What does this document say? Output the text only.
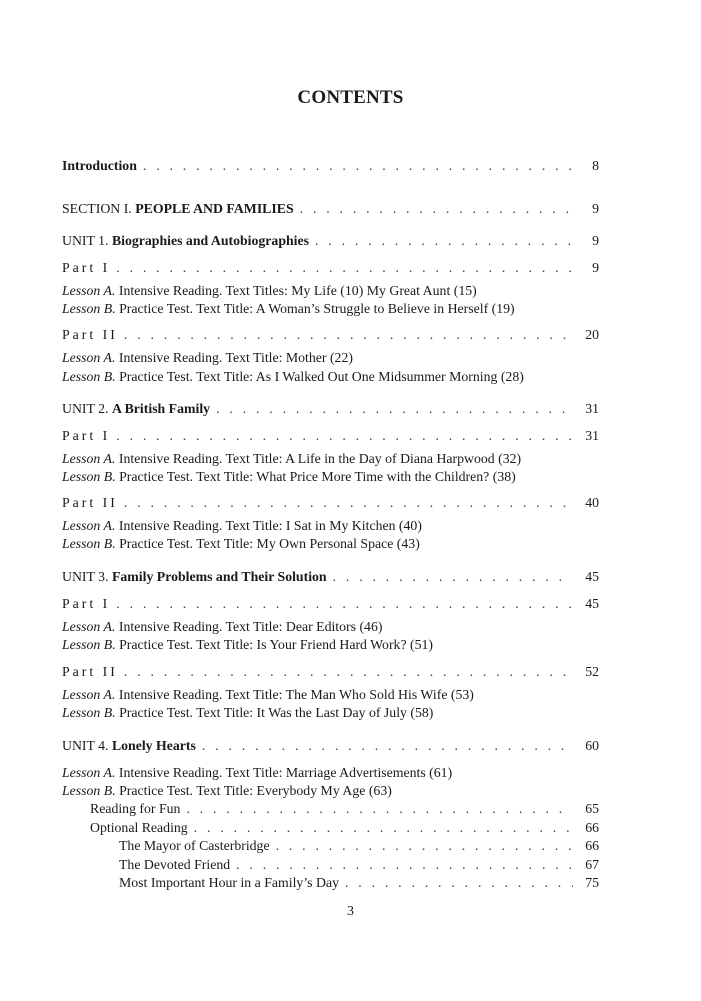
CONTENTS
Introduction . . .	8
SECTION I. PEOPLE AND FAMILIES . . .	9
UNIT 1. Biographies and Autobiographies . . .	9
Part I . . .	9
Lesson A. Intensive Reading. Text Titles: My Life (10) My Great Aunt (15)
Lesson B. Practice Test. Text Title: A Woman’s Struggle to Believe in Herself (19)
Part II . . .	20
Lesson A. Intensive Reading. Text Title: Mother (22)
Lesson B. Practice Test. Text Title: As I Walked Out One Midsummer Morning (28)
UNIT 2. A British Family . . .	31
Part I . . .	31
Lesson A. Intensive Reading. Text Title: A Life in the Day of Diana Harpwood (32)
Lesson B. Practice Test. Text Title: What Price More Time with the Children? (38)
Part II . . .	40
Lesson A. Intensive Reading. Text Title: I Sat in My Kitchen (40)
Lesson B. Practice Test. Text Title: My Own Personal Space (43)
UNIT 3. Family Problems and Their Solution . . .	45
Part I . . .	45
Lesson A. Intensive Reading. Text Title: Dear Editors (46)
Lesson B. Practice Test. Text Title: Is Your Friend Hard Work? (51)
Part II . . .	52
Lesson A. Intensive Reading. Text Title: The Man Who Sold His Wife (53)
Lesson B. Practice Test. Text Title: It Was the Last Day of July (58)
UNIT 4. Lonely Hearts . . .	60
Lesson A. Intensive Reading. Text Title: Marriage Advertisements (61)
Lesson B. Practice Test. Text Title: Everybody My Age (63)
Reading for Fun . . .	65
Optional Reading . . .	66
The Mayor of Casterbridge . . .	66
The Devoted Friend . . .	67
Most Important Hour in a Family’s Day . . .	75
3
